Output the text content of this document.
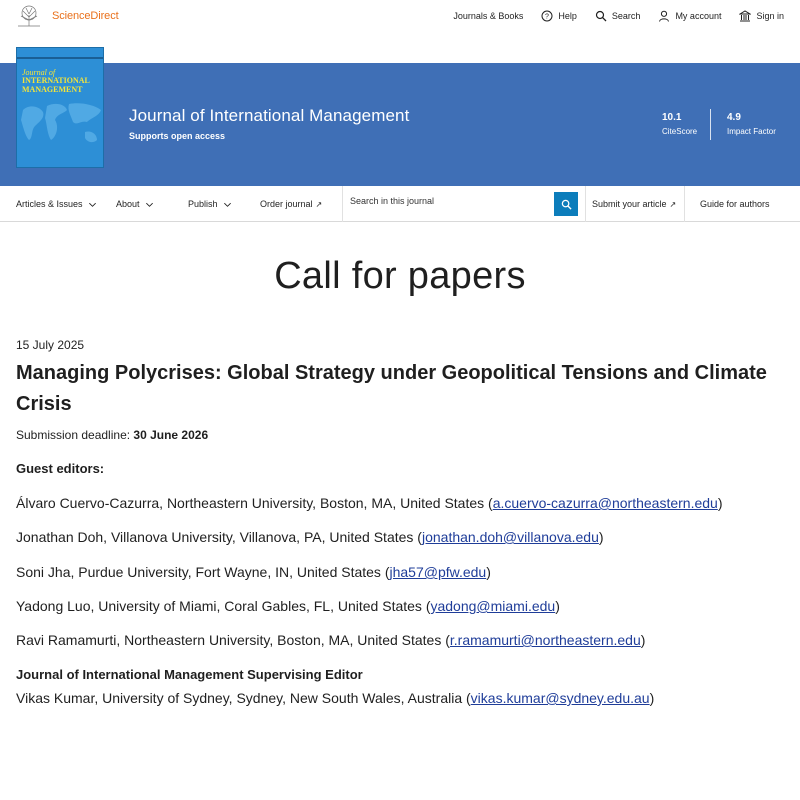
ScienceDirect	Journals & Books	? Help	Search	My account	Sign in
Journal of
INTERNATIONAL MANAGEMENT
Journal of International Management
Supports open access
10.1
CiteScore
4.9
Impact Factor
Articles & Issues	About	Publish	Order journal ↗
Search in this journal	Submit your article ↗	Guide for authors
Call for papers
15 July 2025
Managing Polycrises: Global Strategy under Geopolitical Tensions and Climate Crisis
Submission deadline: 30 June 2026
Guest editors:
Álvaro Cuervo-Cazurra, Northeastern University, Boston, MA, United States (a.cuervo-cazurra@northeastern.edu)
Jonathan Doh, Villanova University, Villanova, PA, United States (jonathan.doh@villanova.edu)
Soni Jha, Purdue University, Fort Wayne, IN, United States (jha57@pfw.edu)
Yadong Luo, University of Miami, Coral Gables, FL, United States (yadong@miami.edu)
Ravi Ramamurti, Northeastern University, Boston, MA, United States (r.ramamurti@northeastern.edu)
Journal of International Management Supervising Editor
Vikas Kumar, University of Sydney, Sydney, New South Wales, Australia (vikas.kumar@sydney.edu.au)
